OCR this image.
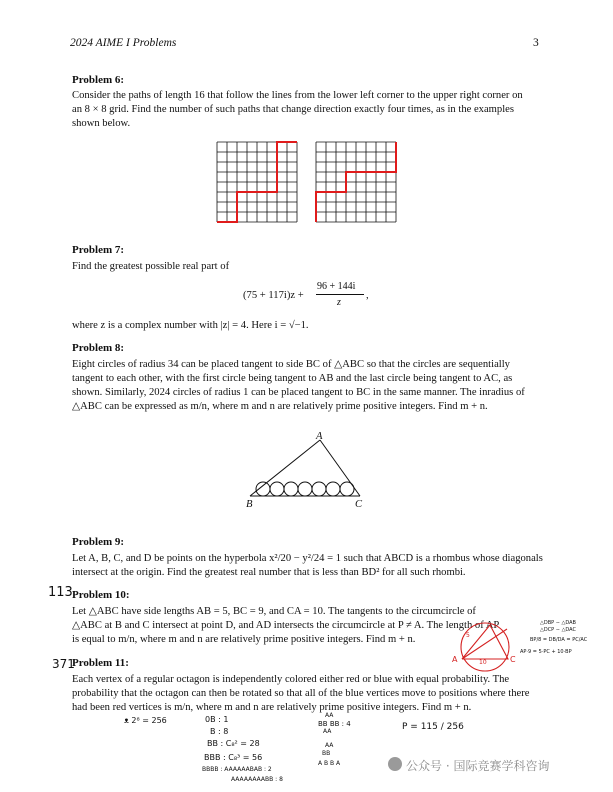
2024 AIME I Problems	3
Problem 6:
Consider the paths of length 16 that follow the lines from the lower left corner to the upper right corner on
an 8 × 8 grid. Find the number of such paths that change direction exactly four times, as in the examples
shown below.
Problem 7:
Find the greatest possible real part of
(75 + 117i)z +
96 + 144i
z
,
where z is a complex number with |z| = 4. Here i = √−1.
Problem 8:
Eight circles of radius 34 can be placed tangent to side BC of △ABC so that the circles are sequentially
tangent to each other, with the first circle being tangent to AB and the last circle being tangent to AC, as
shown. Similarly, 2024 circles of radius 1 can be placed tangent to BC in the same manner. The inradius of
△ABC can be expressed as m/n, where m and n are relatively prime positive integers. Find m + n.
A
B	C
Problem 9:
Let A, B, C, and D be points on the hyperbola x²/20 − y²/24 = 1 such that ABCD is a rhombus whose diagonals
intersect at the origin. Find the greatest real number that is less than BD² for all such rhombi.
113 Problem 10:
Let △ABC have side lengths AB = 5, BC = 9, and CA = 10. The tangents to the circumcircle of
△ABC at B and C intersect at point D, and AD intersects the circumcircle at P ≠ A. The length of AP
is equal to m/n, where m and n are relatively prime positive integers. Find m + n.
371
Problem 11:
Each vertex of a regular octagon is independently colored either red or blue with equal probability. The
probability that the octagon can then be rotated so that all of the blue vertices move to positions where there
had been red vertices is m/n, where m and n are relatively prime positive integers. Find m + n.
A	C
10
5
△DBP ∽ △DAB
△DCP ∽ △DAC
BP/8 = DB/DA = PC/AC
AP·9 = 5·PC + 10·BP
ᴥ 2⁸ = 256	0B : 1
B : 8
BB : C₈² = 28
BBB : C₈³ = 56
BBBB : AAAAAABAB : 2
AAAAAAAABB : 8
AA
BB BB : 4
AA
AA
BB
A B B A
P = 115 / 256
公众号 · 国际竞赛学科咨询
